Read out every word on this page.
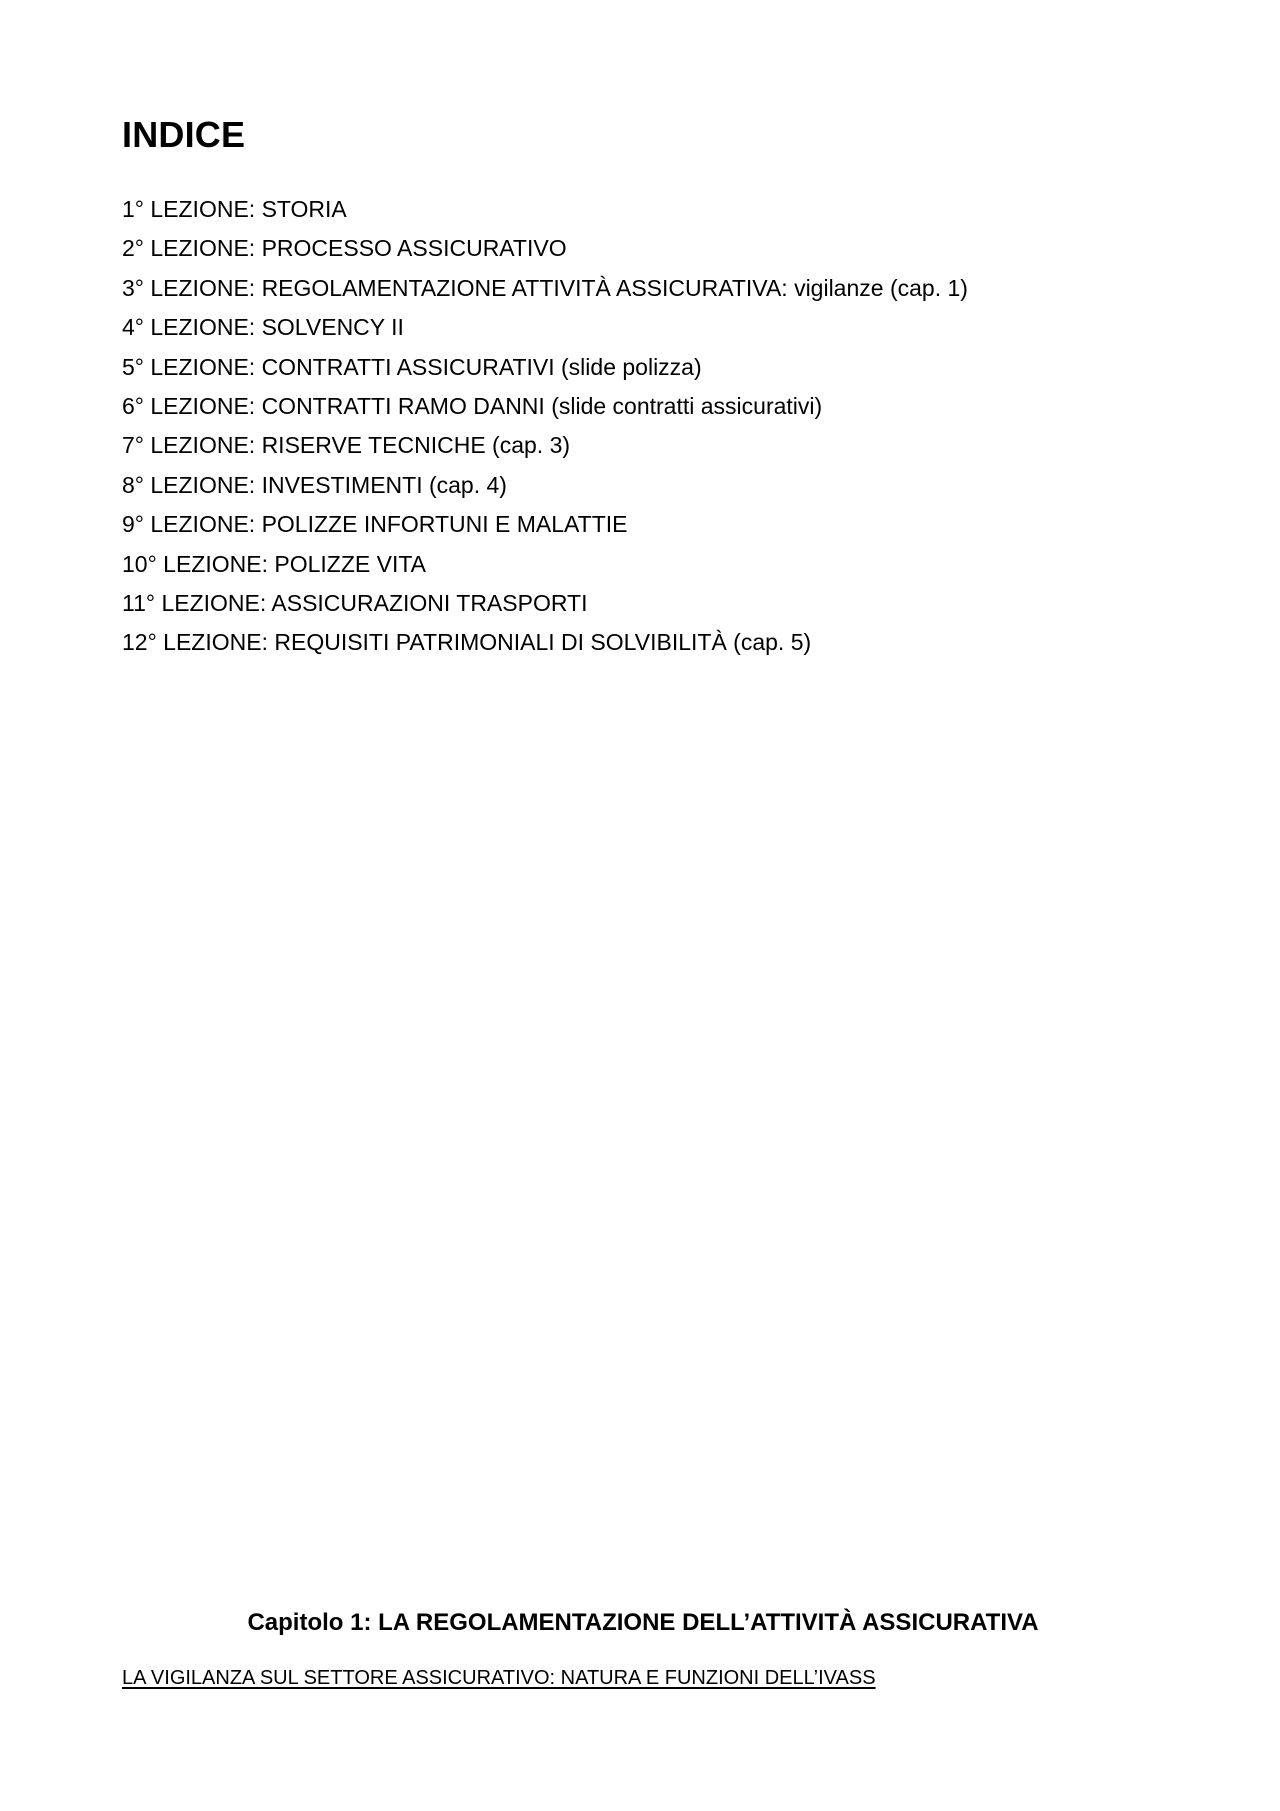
INDICE
1° LEZIONE: STORIA
2° LEZIONE: PROCESSO ASSICURATIVO
3° LEZIONE: REGOLAMENTAZIONE ATTIVITÀ ASSICURATIVA: vigilanze (cap. 1)
4° LEZIONE: SOLVENCY II
5° LEZIONE: CONTRATTI ASSICURATIVI (slide polizza)
6° LEZIONE: CONTRATTI RAMO DANNI (slide contratti assicurativi)
7° LEZIONE: RISERVE TECNICHE (cap. 3)
8° LEZIONE: INVESTIMENTI (cap. 4)
9° LEZIONE: POLIZZE INFORTUNI E MALATTIE
10° LEZIONE: POLIZZE VITA
11° LEZIONE: ASSICURAZIONI TRASPORTI
12° LEZIONE: REQUISITI PATRIMONIALI DI SOLVIBILITÀ (cap. 5)
Capitolo 1: LA REGOLAMENTAZIONE DELL’ATTIVITÀ ASSICURATIVA

LA VIGILANZA SUL SETTORE ASSICURATIVO: NATURA E FUNZIONI DELL’IVASS
